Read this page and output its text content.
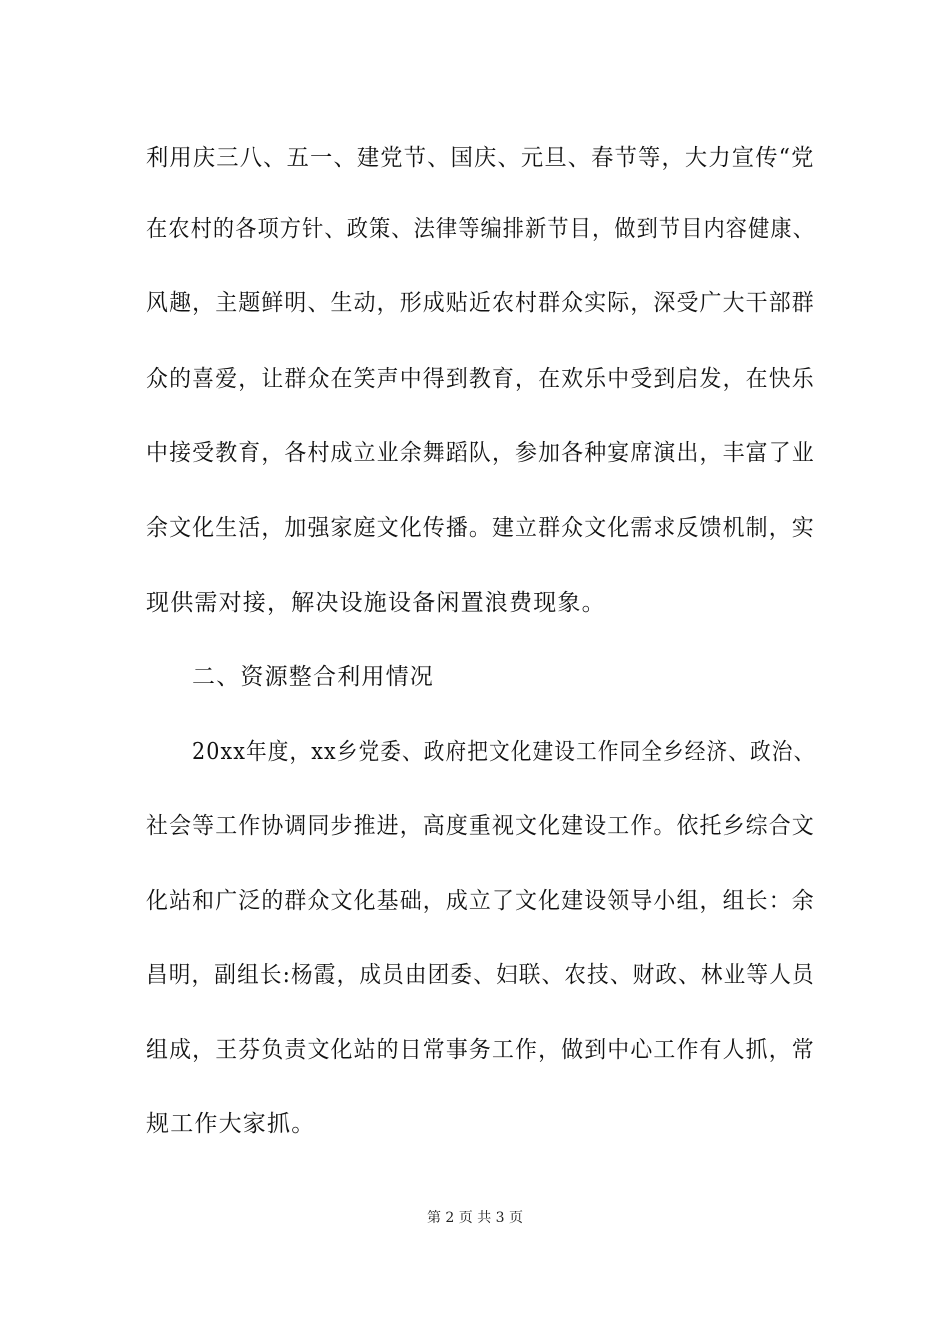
利用庆三八、五一、建党节、国庆、元旦、春节等，大力宣传“党
在农村的各项方针、政策、法律等编排新节目，做到节目内容健康、
风趣，主题鲜明、生动，形成贴近农村群众实际，深受广大干部群
众的喜爱，让群众在笑声中得到教育，在欢乐中受到启发，在快乐
中接受教育，各村成立业余舞蹈队，参加各种宴席演出，丰富了业
余文化生活，加强家庭文化传播。建立群众文化需求反馈机制，实
现供需对接，解决设施设备闲置浪费现象。
二、资源整合利用情况
20xx年度，xx乡党委、政府把文化建设工作同全乡经济、政治、
社会等工作协调同步推进，高度重视文化建设工作。依托乡综合文
化站和广泛的群众文化基础，成立了文化建设领导小组，组长：余
昌明，副组长:杨霞，成员由团委、妇联、农技、财政、林业等人员
组成，王芬负责文化站的日常事务工作，做到中心工作有人抓，常
规工作大家抓。
第 2 页 共 3 页
